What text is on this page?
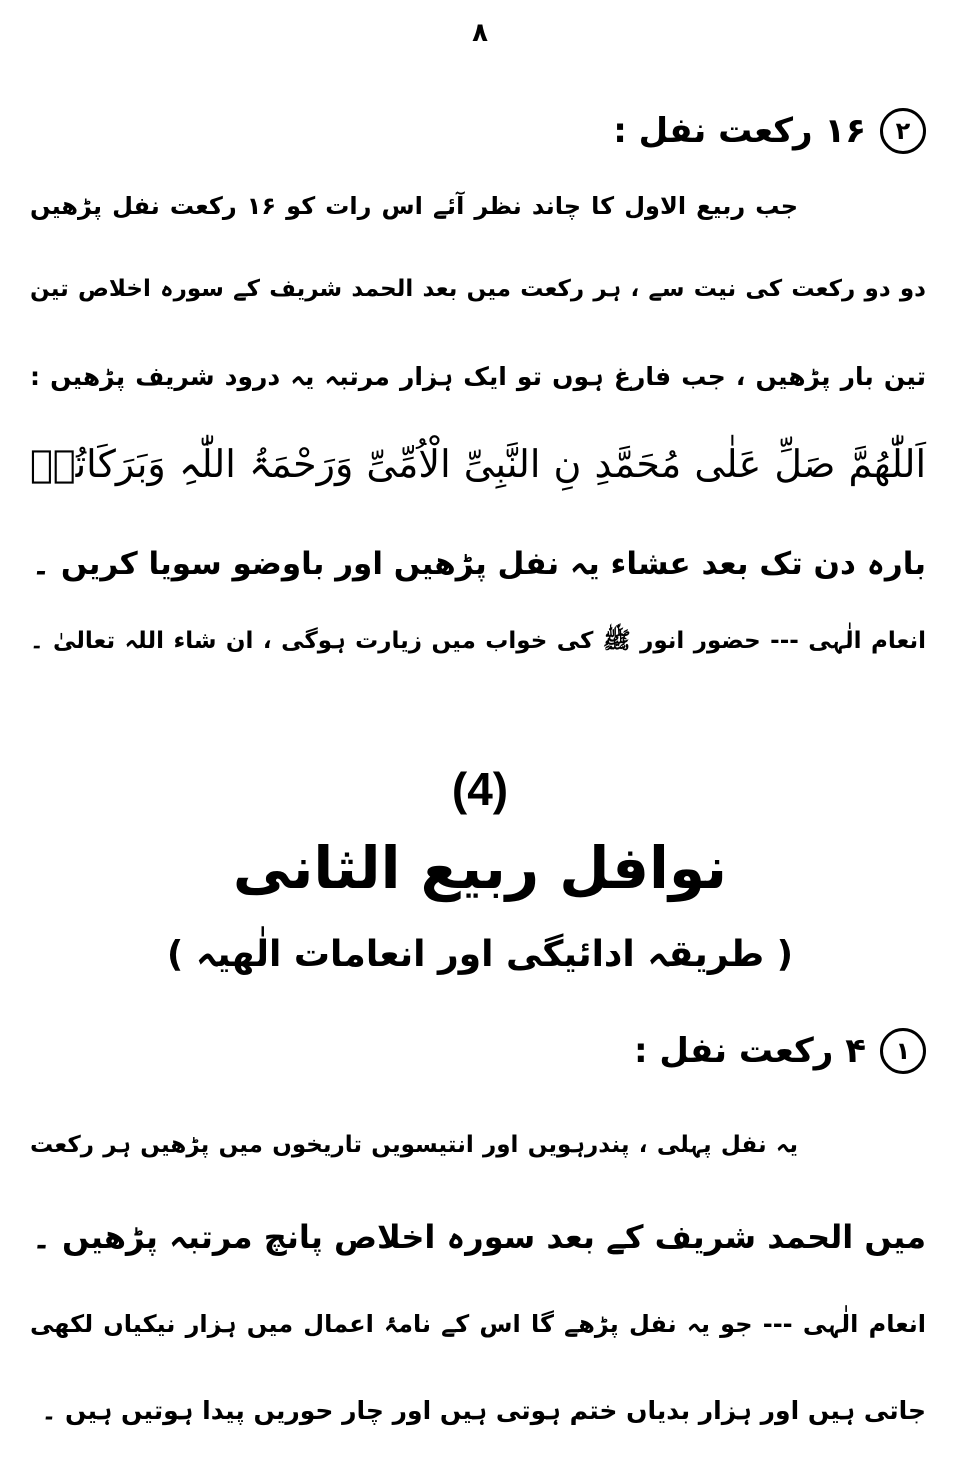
۸
۲
۱۶ رکعت نفل :
جب ربیع الاول کا چاند نظر آئے اس رات کو ۱۶ رکعت نفل پڑھیں
دو دو رکعت کی نیت سے ، ہر رکعت میں بعد الحمد شریف کے سورہ اخلاص تین
تین بار پڑھیں ، جب فارغ ہوں تو ایک ہزار مرتبہ یہ درود شریف پڑھیں :
اَللّٰھُمَّ صَلِّ عَلٰی مُحَمَّدِ نِ النَّبِیِّ الْاُمِّیِّ وَرَحْمَۃُ اللّٰہِ وَبَرَکَاتُہٗ
بارہ دن تک بعد عشاء یہ نفل پڑھیں اور باوضو سویا کریں ۔
انعام الٰہی --- حضور انور ﷺ کی خواب میں زیارت ہوگی ، ان شاء اللہ تعالیٰ ۔
(4)
نوافل ربیع الثانی
( طریقہ ادائیگی اور انعامات الٰھیہ )
۱
۴ رکعت نفل :
یہ نفل پہلی ، پندرہویں اور انتیسویں تاریخوں میں پڑھیں ہر رکعت
میں الحمد شریف کے بعد سورہ اخلاص پانچ مرتبہ پڑھیں ۔
انعام الٰہی --- جو یہ نفل پڑھے گا اس کے نامۂ اعمال میں ہزار نیکیاں لکھی
جاتی ہیں اور ہزار بدیاں ختم ہوتی ہیں اور چار حوریں پیدا ہوتیں ہیں ۔
